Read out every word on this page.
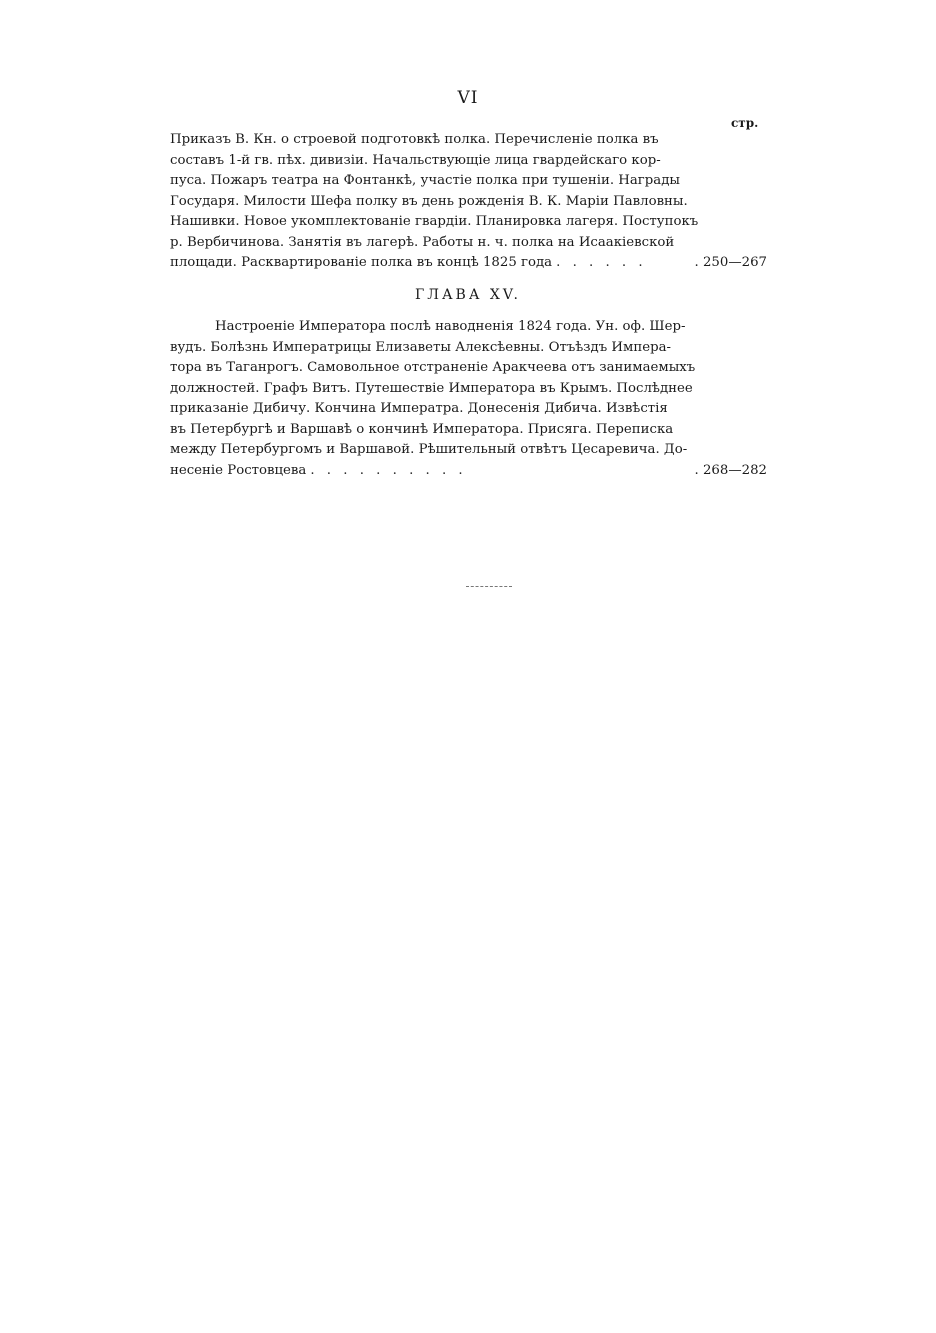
VI
стр.
Приказъ В. Кн. о строевой подготовкѣ полка. Перечисленіе полка въ
составъ 1-й гв. пѣх. дивизіи. Начальствующіе лица гвардейскаго кор-
пуса. Пожаръ театра на Фонтанкѣ, участіе полка при тушеніи. Награды
Государя. Милости Шефа полку въ день рожденія В. К. Маріи Павловны.
Нашивки. Новое укомплектованіе гвардіи. Планировка лагеря. Поступокъ
р. Вербичинова. Занятія въ лагерѣ. Работы н. ч. полка на Исаакіевской
площади. Расквартированіе полка въ концѣ 1825 года . . . . . .	. 250—267
ГЛАВА XV.
Настроеніе Императора послѣ наводненія 1824 года. Ун. оф. Шер-
вудъ. Болѣзнь Императрицы Елизаветы Алексѣевны. Отъѣздъ Импера-
тора въ Таганрогъ. Самовольное отстраненіе Аракчеева отъ занимаемыхъ
должностей. Графъ Витъ. Путешествіе Императора въ Крымъ. Послѣднее
приказаніе Дибичу. Кончина Императра. Донесенія Дибича. Извѣстія
въ Петербургѣ и Варшавѣ о кончинѣ Императора. Присяга. Переписка
между Петербургомъ и Варшавой. Рѣшительный отвѣтъ Цесаревича. До-
несеніе Ростовцева . . . . . . . . . .	. 268—282
